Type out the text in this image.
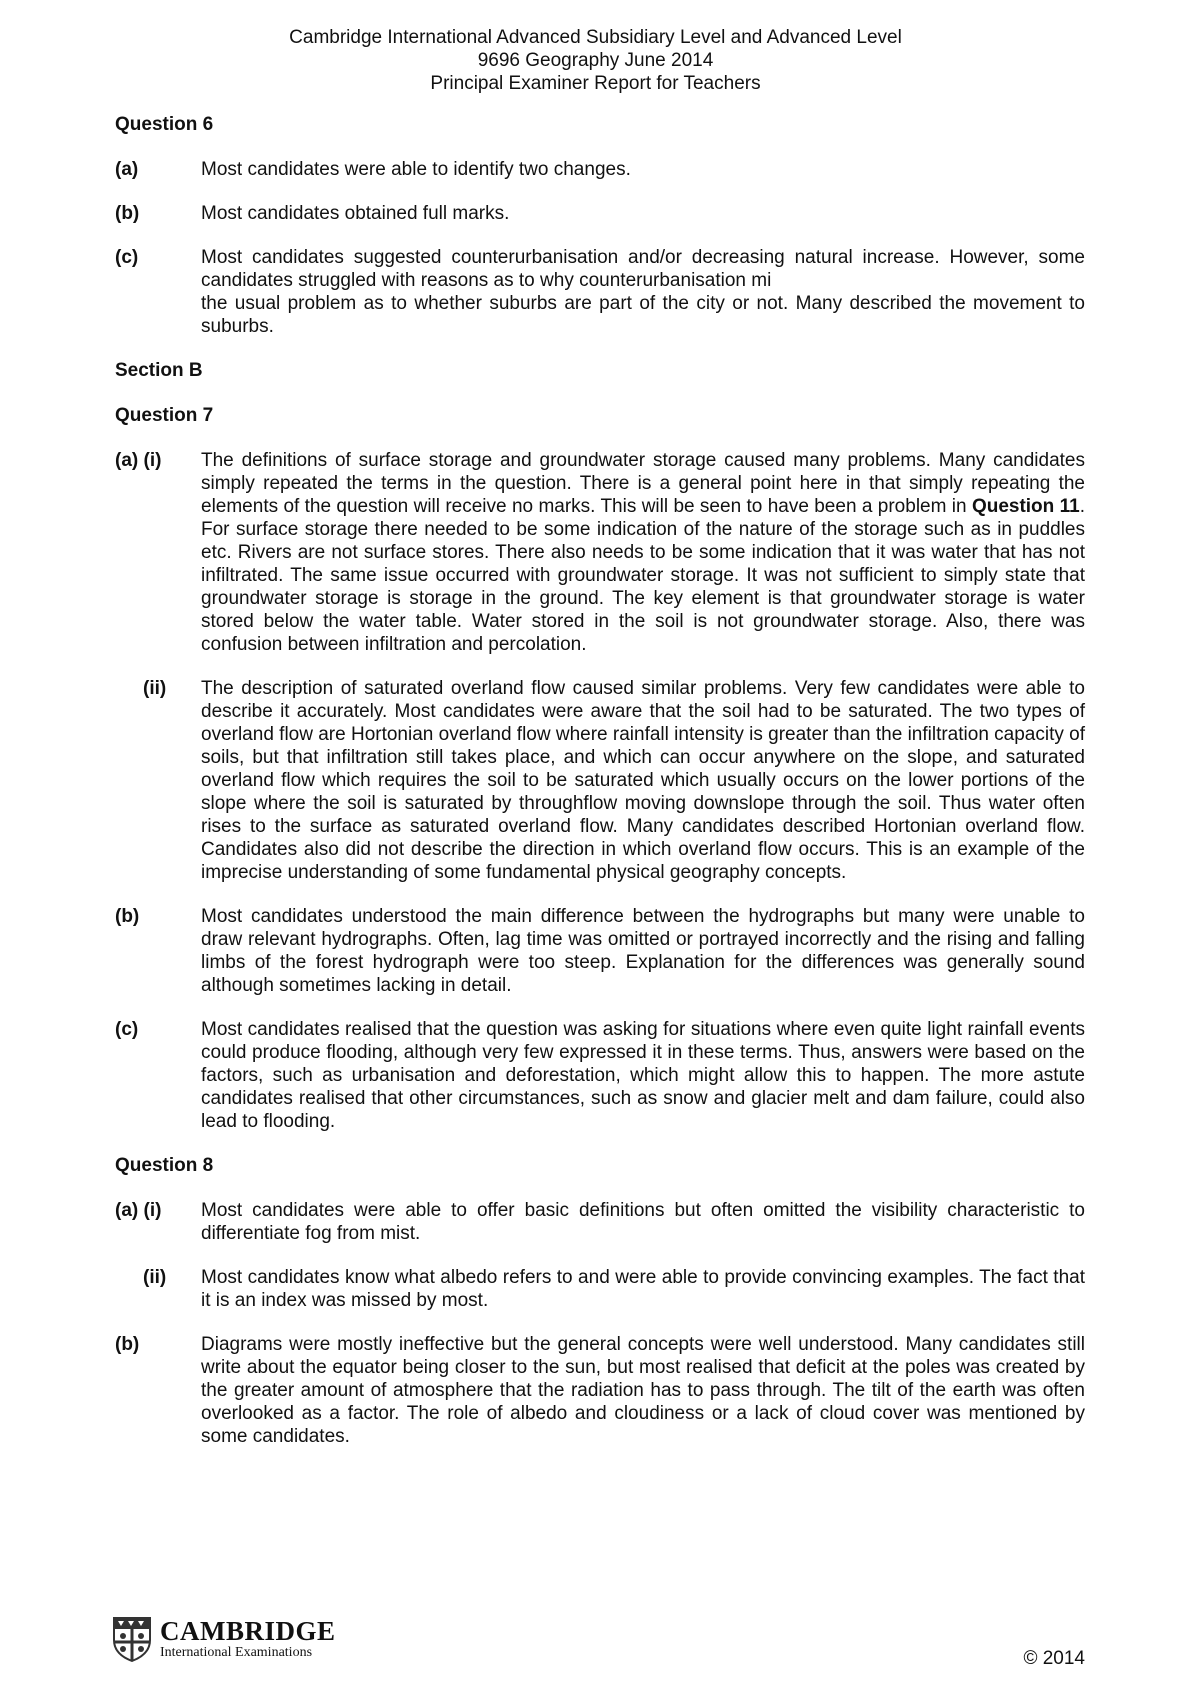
Cambridge International Advanced Subsidiary Level and Advanced Level
9696 Geography June 2014
Principal Examiner Report for Teachers
Question 6
(a)	Most candidates were able to identify two changes.
(b)	Most candidates obtained full marks.
(c)	Most candidates suggested counterurbanisation and/or decreasing natural increase. However, some candidates struggled with reasons as to why counterurbanisation mi
the usual problem as to whether suburbs are part of the city or not. Many described the movement to suburbs.
Section B
Question 7
(a) (i)	The definitions of surface storage and groundwater storage caused many problems. Many candidates simply repeated the terms in the question. There is a general point here in that simply repeating the elements of the question will receive no marks. This will be seen to have been a problem in Question 11. For surface storage there needed to be some indication of the nature of the storage such as in puddles etc. Rivers are not surface stores. There also needs to be some indication that it was water that has not infiltrated. The same issue occurred with groundwater storage. It was not sufficient to simply state that groundwater storage is storage in the ground. The key element is that groundwater storage is water stored below the water table. Water stored in the soil is not groundwater storage. Also, there was confusion between infiltration and percolation.
(ii)	The description of saturated overland flow caused similar problems. Very few candidates were able to describe it accurately. Most candidates were aware that the soil had to be saturated. The two types of overland flow are Hortonian overland flow where rainfall intensity is greater than the infiltration capacity of soils, but that infiltration still takes place, and which can occur anywhere on the slope, and saturated overland flow which requires the soil to be saturated which usually occurs on the lower portions of the slope where the soil is saturated by throughflow moving downslope through the soil. Thus water often rises to the surface as saturated overland flow. Many candidates described Hortonian overland flow. Candidates also did not describe the direction in which overland flow occurs. This is an example of the imprecise understanding of some fundamental physical geography concepts.
(b)	Most candidates understood the main difference between the hydrographs but many were unable to draw relevant hydrographs. Often, lag time was omitted or portrayed incorrectly and the rising and falling limbs of the forest hydrograph were too steep. Explanation for the differences was generally sound although sometimes lacking in detail.
(c)	Most candidates realised that the question was asking for situations where even quite light rainfall events could produce flooding, although very few expressed it in these terms. Thus, answers were based on the factors, such as urbanisation and deforestation, which might allow this to happen. The more astute candidates realised that other circumstances, such as snow and glacier melt and dam failure, could also lead to flooding.
Question 8
(a) (i)	Most candidates were able to offer basic definitions but often omitted the visibility characteristic to differentiate fog from mist.
(ii)	Most candidates know what albedo refers to and were able to provide convincing examples. The fact that it is an index was missed by most.
(b)	Diagrams were mostly ineffective but the general concepts were well understood. Many candidates still write about the equator being closer to the sun, but most realised that deficit at the poles was created by the greater amount of atmosphere that the radiation has to pass through. The tilt of the earth was often overlooked as a factor. The role of albedo and cloudiness or a lack of cloud cover was mentioned by some candidates.
CAMBRIDGE
International Examinations	© 2014
